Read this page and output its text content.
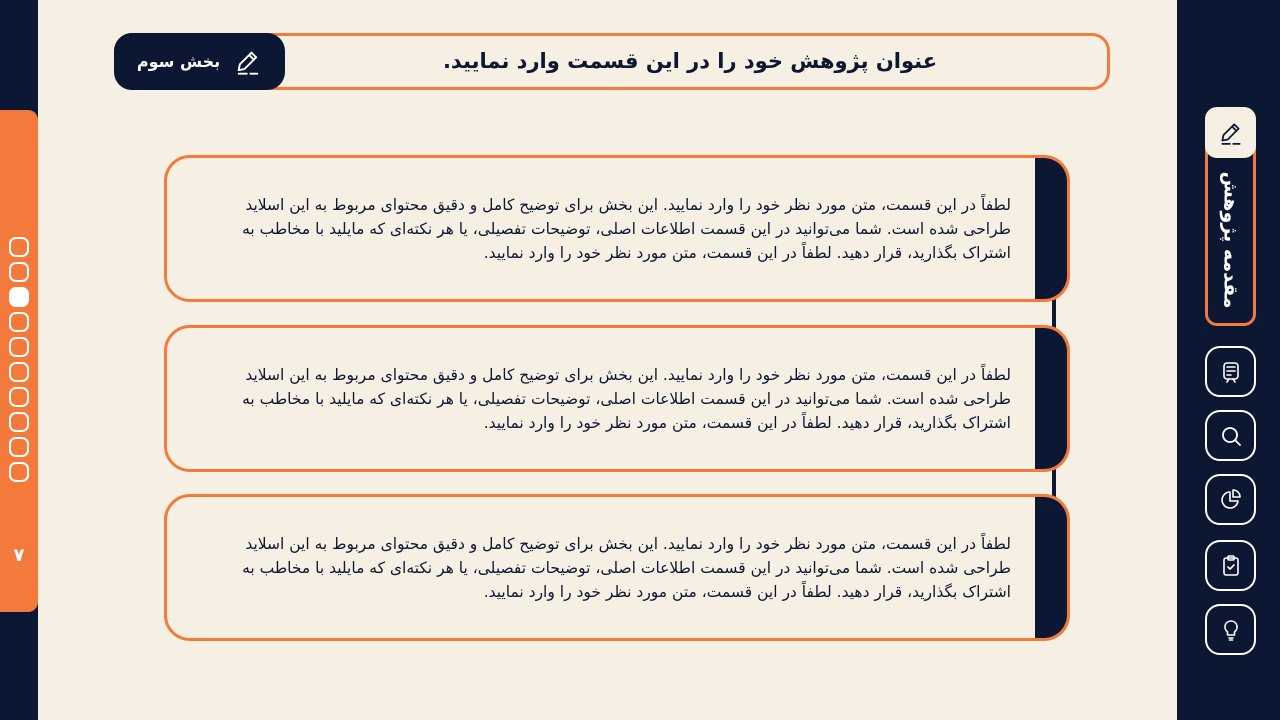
۷
مقدمه پژوهش
عنوان پژوهش خود را در این قسمت وارد نمایید.
بخش سوم
لطفاً در این قسمت، متن مورد نظر خود را وارد نمایید. این بخش برای توضیح کامل و دقیق محتوای مربوط به این اسلاید طراحی شده است. شما می‌توانید در این قسمت اطلاعات اصلی، توضیحات تفصیلی، یا هر نکته‌ای که مایلید با مخاطب به اشتراک بگذارید، قرار دهید. لطفاً در این قسمت، متن مورد نظر خود را وارد نمایید.
لطفاً در این قسمت، متن مورد نظر خود را وارد نمایید. این بخش برای توضیح کامل و دقیق محتوای مربوط به این اسلاید طراحی شده است. شما می‌توانید در این قسمت اطلاعات اصلی، توضیحات تفصیلی، یا هر نکته‌ای که مایلید با مخاطب به اشتراک بگذارید، قرار دهید. لطفاً در این قسمت، متن مورد نظر خود را وارد نمایید.
لطفاً در این قسمت، متن مورد نظر خود را وارد نمایید. این بخش برای توضیح کامل و دقیق محتوای مربوط به این اسلاید طراحی شده است. شما می‌توانید در این قسمت اطلاعات اصلی، توضیحات تفصیلی، یا هر نکته‌ای که مایلید با مخاطب به اشتراک بگذارید، قرار دهید. لطفاً در این قسمت، متن مورد نظر خود را وارد نمایید.
